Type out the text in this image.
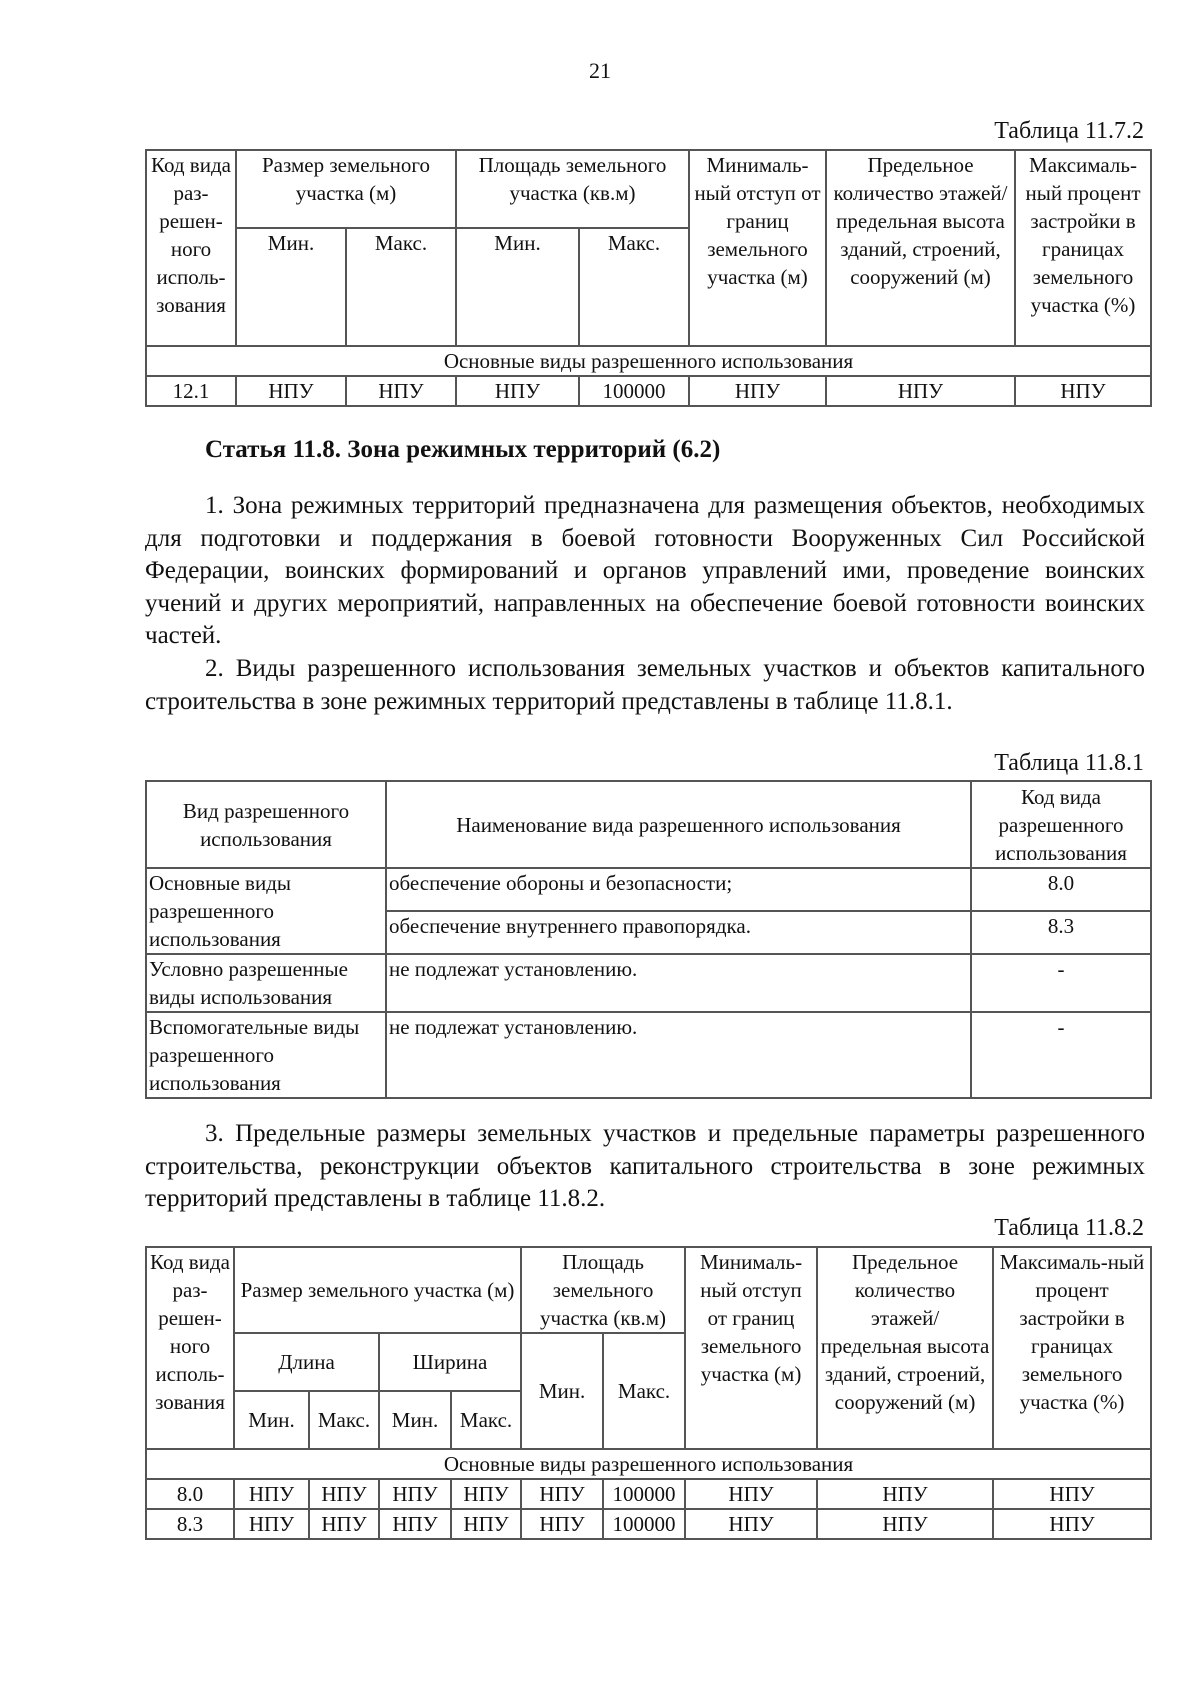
21
Таблица 11.7.2
Код вида раз-решен-ного исполь-зования	Размер земельного участка (м)		Площадь земельного участка (кв.м)		Минималь-ный отступ от границ земельного участка (м)	Предельное количество этажей/ предельная высота зданий, строений, сооружений (м)	Максималь-ный процент застройки в границах земельного участка (%)
	Мин.	Макс.	Мин.	Макс.			
Основные виды разрешенного использования							
12.1	НПУ	НПУ	НПУ	100000	НПУ	НПУ	НПУ
Статья 11.8. Зона режимных территорий (6.2)
1. Зона режимных территорий предназначена для размещения объектов, необходимых для подготовки и поддержания в боевой готовности Вооруженных Сил Российской Федерации, воинских формирований и органов управлений ими, проведение воинских учений и других мероприятий, направленных на обеспечение боевой готовности воинских частей.
2. Виды разрешенного использования земельных участков и объектов капитального строительства в зоне режимных территорий представлены в таблице 11.8.1.
Таблица 11.8.1
Вид разрешенного использования	Наименование вида разрешенного использования	Код вида разрешенного использования
Основные виды разрешенного использования	обеспечение обороны и безопасности;	8.0
	обеспечение внутреннего правопорядка.	8.3
Условно разрешенные виды использования	не подлежат установлению.	-
Вспомогательные виды разрешенного использования	не подлежат установлению.	-
3. Предельные размеры земельных участков и предельные параметры разрешенного строительства, реконструкции объектов капитального строительства в зоне режимных территорий представлены в таблице 11.8.2.
Таблица 11.8.2
Код вида раз-решен-ного исполь-зования	Размер земельного участка (м)				Площадь земельного участка (кв.м)		Минималь-ный отступ от границ земельного участка (м)	Предельное количество этажей/ предельная высота зданий, строений, сооружений (м)	Максималь-ный процент застройки в границах земельного участка (%)
	Длина		Ширина		Мин.	Макс.			
	Мин.	Макс.	Мин.	Макс.					
Основные виды разрешенного использования									
8.0	НПУ	НПУ	НПУ	НПУ	НПУ	100000	НПУ	НПУ	НПУ
8.3	НПУ	НПУ	НПУ	НПУ	НПУ	100000	НПУ	НПУ	НПУ
